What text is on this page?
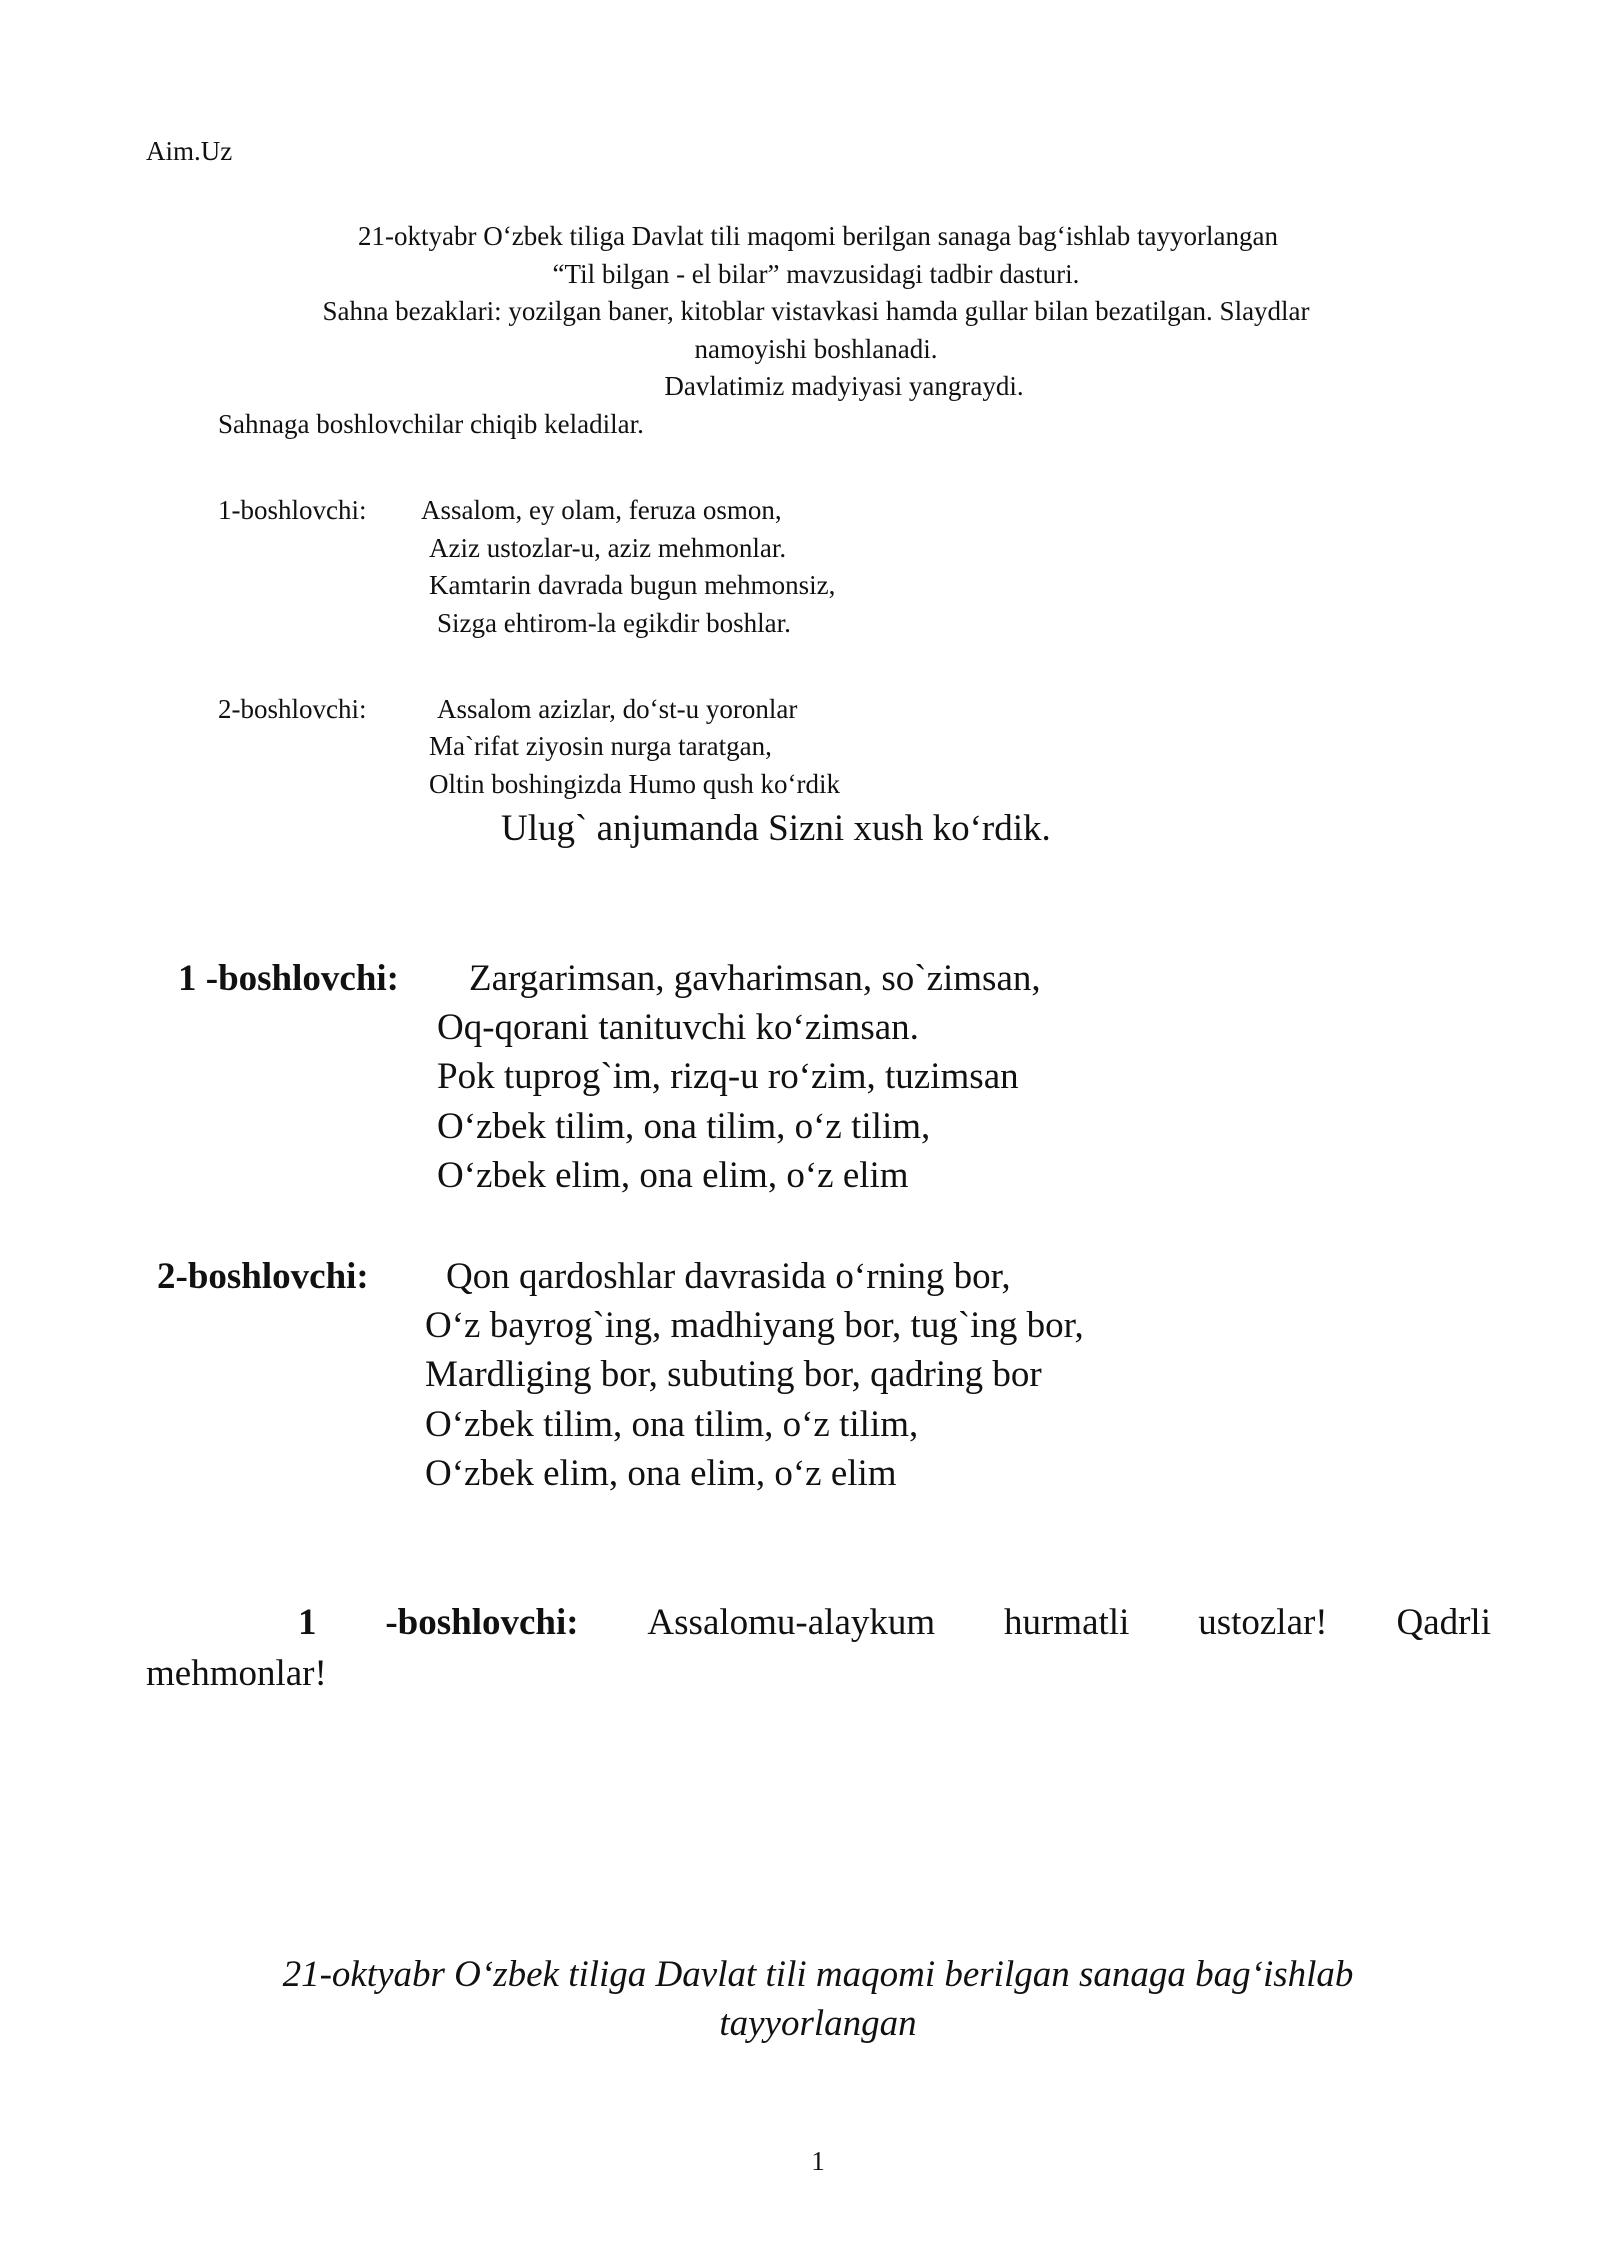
Aim.Uz
21-oktyabr O‘zbek tiliga Davlat tili maqomi berilgan sanaga bag‘ishlab tayyorlangan
“Til bilgan - el bilar” mavzusidagi tadbir dasturi.
Sahna bezaklari: yozilgan baner, kitoblar vistavkasi hamda gullar bilan bezatilgan. Slaydlar
namoyishi boshlanadi.
Davlatimiz madyiyasi yangraydi.
Sahnaga boshlovchilar chiqib keladilar.
1-boshlovchi: Assalom, ey olam, feruza osmon,
Aziz ustozlar-u, aziz mehmonlar.
Kamtarin davrada bugun mehmonsiz,
Sizga ehtirom-la egikdir boshlar.
2-boshlovchi:	Assalom azizlar, do‘st-u yoronlar
Ma`rifat ziyosin nurga taratgan,
Oltin boshingizda Humo qush ko‘rdik
Ulug` anjumanda Sizni xush ko‘rdik.
1 -boshlovchi: Zargarimsan, gavharimsan, so`zimsan,
Oq-qorani tanituvchi ko‘zimsan.
Pok tuprog`im, rizq-u ro‘zim, tuzimsan
O‘zbek tilim, ona tilim, o‘z tilim,
O‘zbek elim, ona elim, o‘z elim
2-boshlovchi: Qon qardoshlar davrasida o‘rning bor,
O‘z bayrog`ing, madhiyang bor, tug`ing bor,
Mardliging bor, subuting bor, qadring bor
O‘zbek tilim, ona tilim, o‘z tilim,
O‘zbek elim, ona elim, o‘z elim
1 -boshlovchi: Assalomu-alaykum hurmatli ustozlar! Qadrli
mehmonlar!
21-oktyabr O‘zbek tiliga Davlat tili maqomi berilgan sanaga bag‘ishlab
tayyorlangan
1
